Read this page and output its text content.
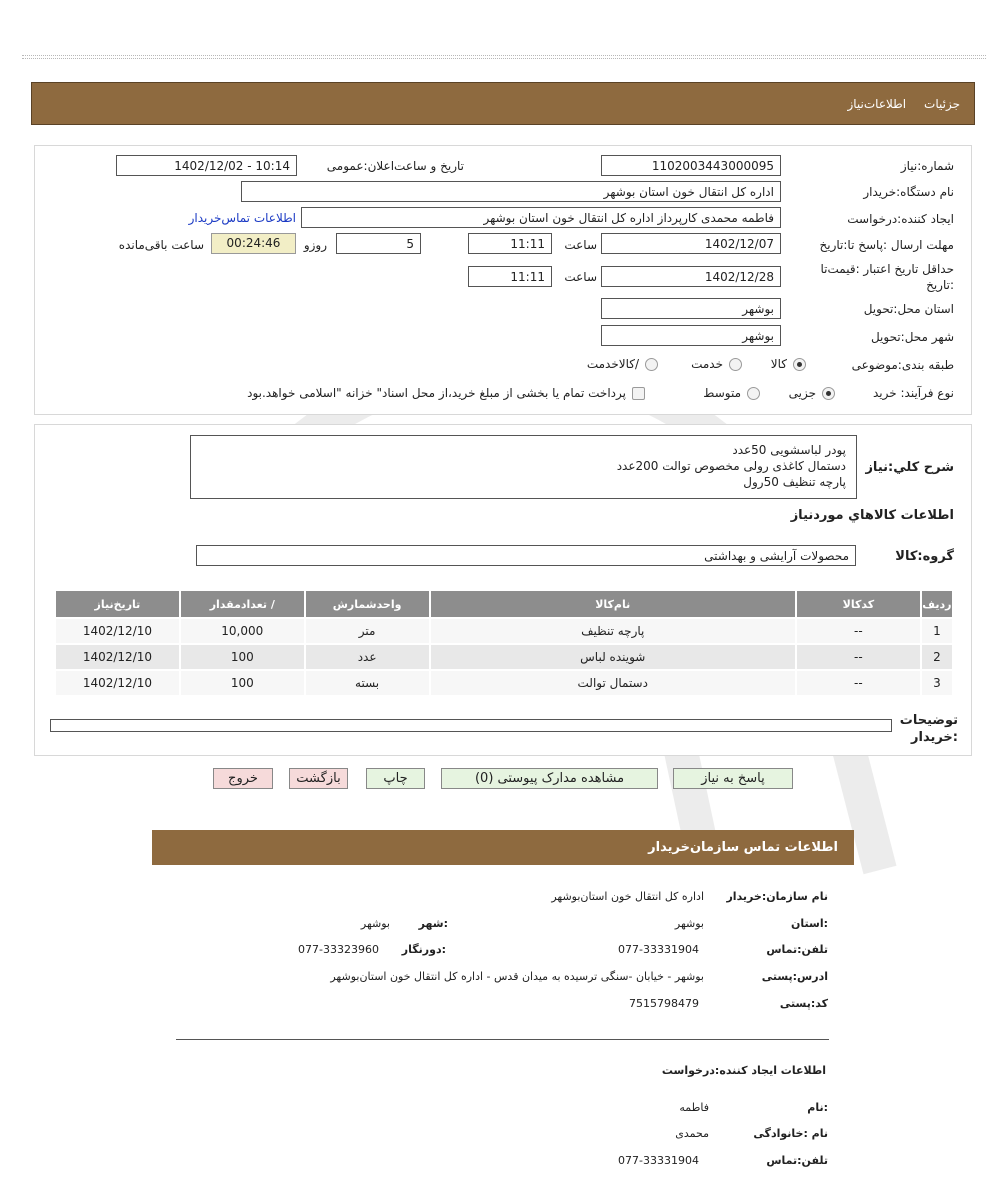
جزئیات
اطلاعات‌نیاز
شماره:نیاز
1102003443000095
تاریخ و ساعت‌اعلان:عمومی
1402/12/02 - 10:14
نام دستگاه:خریدار
اداره کل انتقال خون استان بوشهر
ایجاد کننده:درخواست
فاطمه محمدی کارپرداز اداره کل انتقال خون استان بوشهر
اطلاعات تماس‌خریدار
مهلت ارسال :پاسخ تا:تاریخ
1402/12/07
ساعت
11:11
5
روزو
00:24:46
ساعت باقی‌مانده
حداقل تاریخ اعتبار :قیمت‌تا :تاریخ
1402/12/28
ساعت
11:11
استان محل:تحویل
بوشهر
شهر محل:تحویل
بوشهر
طبقه بندی:موضوعی
کالا
خدمت
/کالاخدمت
نوع فرآیند: خرید
جزیی
متوسط
پرداخت تمام یا بخشی از مبلغ خرید،از محل اسناد" خزانه "اسلامی خواهد.بود
شرح کلي:نياز
پودر لباسشویی 50عدد
دستمال کاغذی رولی مخصوص توالت 200عدد
پارچه تنظیف 50رول
اطلاعات کالاهاي موردنياز
گروه:کالا
محصولات آرایشی و بهداشتی
ردیف	کدکالا	نام‌کالا	واحدشمارش	/ تعدادمقدار	تاریخ‌نیاز
1	--	پارچه تنظیف	متر	10,000	1402/12/10
2	--	شوینده لباس	عدد	100	1402/12/10
3	--	دستمال توالت	بسته	100	1402/12/10
توضیحات :خریدار
پاسخ به نیاز
مشاهده مدارک پیوستی (0)
چاپ
بازگشت
خروج
اطلاعات تماس سازمان‌خریدار
نام سازمان:خریدار
اداره کل انتقال خون استان‌بوشهر
:استان
بوشهر
:شهر
بوشهر
تلفن:تماس
077-33331904
:دورنگار
077-33323960
ادرس:پستی
بوشهر - خیابان -سنگی ترسیده به میدان قدس - اداره کل انتقال خون استان‌بوشهر
کد:پستی
7515798479
اطلاعات ایجاد کننده:درخواست
:نام
فاطمه
نام :خانوادگی
محمدی
تلفن:تماس
077-33331904
